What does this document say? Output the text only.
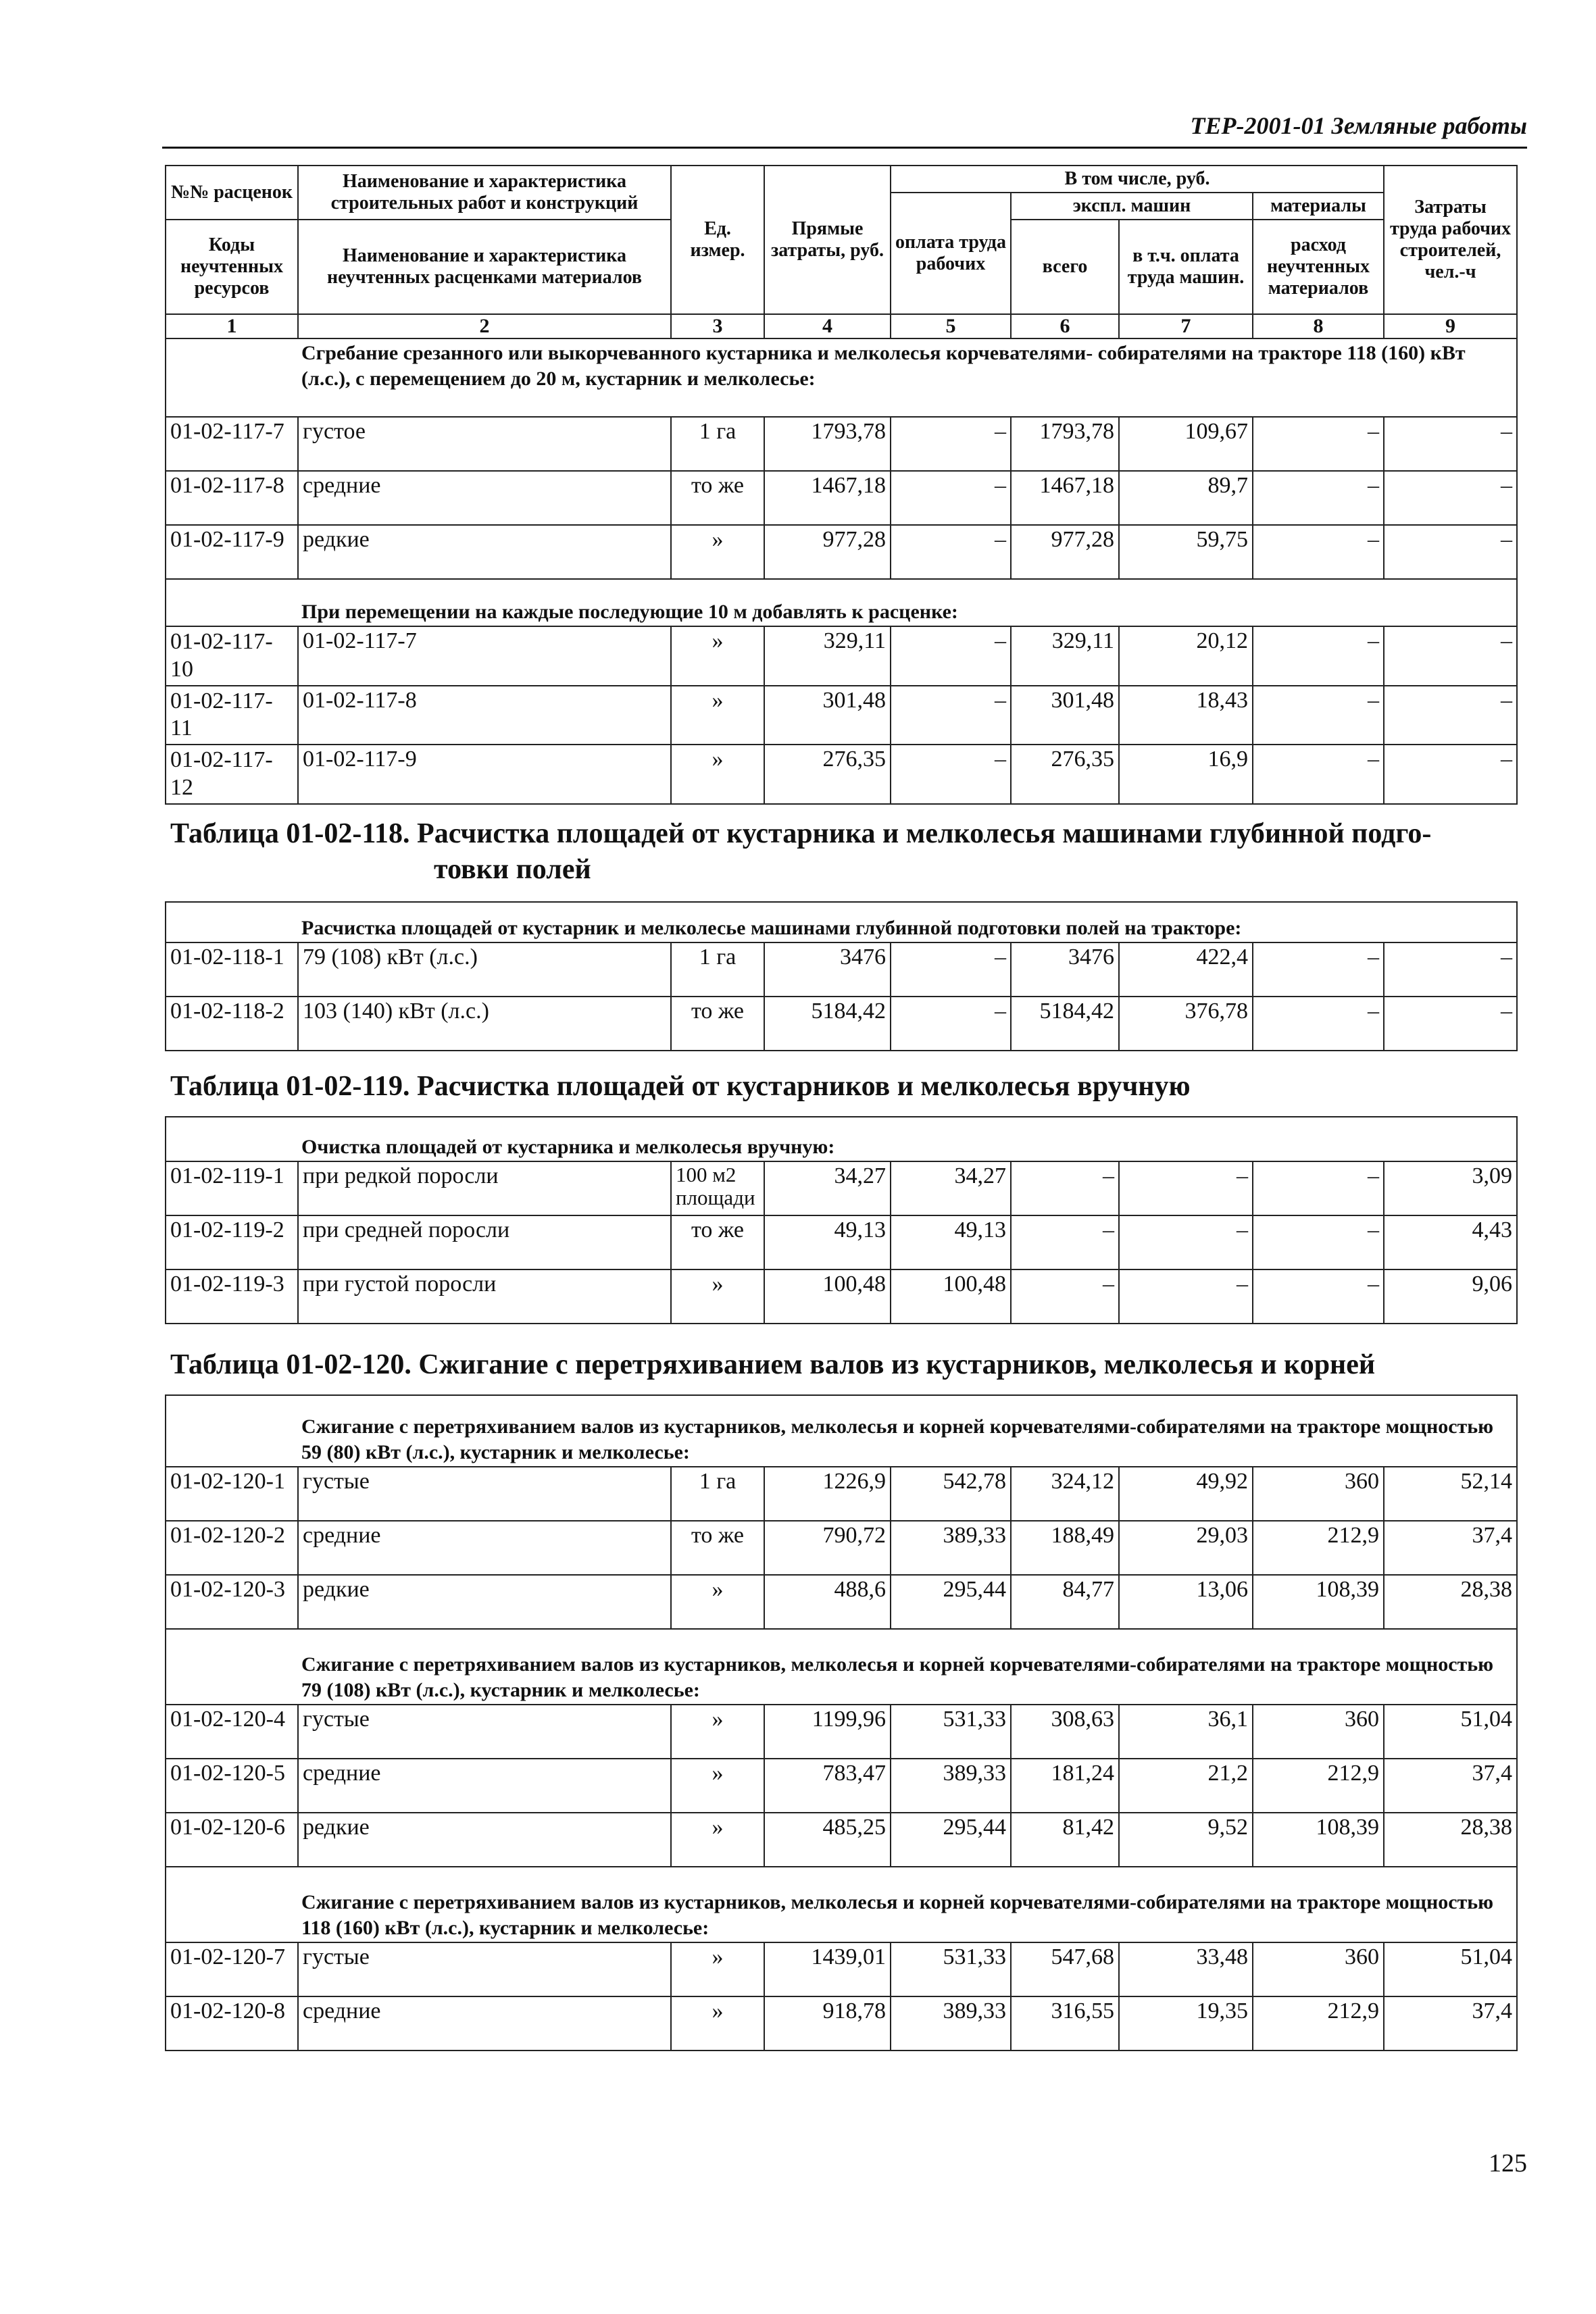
ТЕР-2001-01 Земляные работы
№№ расценок	Наименование и характеристика строительных работ и конструкций	Ед. измер.	Прямые затраты, руб.	В том числе, руб.				Затраты труда рабочих строителей, чел.-ч
				оплата труда рабочих	экспл. машин		материалы	
Коды неучтенных ресурсов	Наименование и характеристика неучтенных расценками материалов				всего	в т.ч. оплата труда машин.	расход неучтенных материалов	

1	2	3	4	5	6	7	8	9
Сгребание срезанного или выкорчеванного кустарника и мелколесья корчевателями- собирателями на тракторе 118 (160) кВт (л.с.), с перемещением до 20 м, кустарник и мелколесье:								
01-02-117-7	густое	1 га	1793,78	–	1793,78	109,67	–	–
01-02-117-8	средние	то же	1467,18	–	1467,18	89,7	–	–
01-02-117-9	редкие	»	977,28	–	977,28	59,75	–	–
При перемещении на каждые последующие 10 м добавлять к расценке:								
01-02-117-10	01-02-117-7	»	329,11	–	329,11	20,12	–	–
01-02-117-11	01-02-117-8	»	301,48	–	301,48	18,43	–	–
01-02-117-12	01-02-117-9	»	276,35	–	276,35	16,9	–	–
Таблица 01-02-118. Расчистка площадей от кустарника и мелколесья машинами глубинной подго-
товки полей
Расчистка площадей от кустарник и мелколесье машинами глубинной подготовки полей на тракторе:								
01-02-118-1	79 (108) кВт (л.с.)	1 га	3476	–	3476	422,4	–	–
01-02-118-2	103 (140) кВт (л.с.)	то же	5184,42	–	5184,42	376,78	–	–
Таблица 01-02-119. Расчистка площадей от кустарников и мелколесья вручную
Очистка площадей от кустарника и мелколесья вручную:								
01-02-119-1	при редкой поросли	100 м2 площади	34,27	34,27	–	–	–	3,09
01-02-119-2	при средней поросли	то же	49,13	49,13	–	–	–	4,43
01-02-119-3	при густой поросли	»	100,48	100,48	–	–	–	9,06
Таблица 01-02-120. Сжигание с перетряхиванием валов из кустарников, мелколесья и корней
Сжигание с перетряхиванием валов из кустарников, мелколесья и корней корчевателями-собирателями на тракторе мощностью 59 (80) кВт (л.с.), кустарник и мелколесье:								
01-02-120-1	густые	1 га	1226,9	542,78	324,12	49,92	360	52,14
01-02-120-2	средние	то же	790,72	389,33	188,49	29,03	212,9	37,4
01-02-120-3	редкие	»	488,6	295,44	84,77	13,06	108,39	28,38
Сжигание с перетряхиванием валов из кустарников, мелколесья и корней корчевателями-собирателями на тракторе мощностью 79 (108) кВт (л.с.), кустарник и мелколесье:								
01-02-120-4	густые	»	1199,96	531,33	308,63	36,1	360	51,04
01-02-120-5	средние	»	783,47	389,33	181,24	21,2	212,9	37,4
01-02-120-6	редкие	»	485,25	295,44	81,42	9,52	108,39	28,38
Сжигание с перетряхиванием валов из кустарников, мелколесья и корней корчевателями-собирателями на тракторе мощностью 118 (160) кВт (л.с.), кустарник и мелколесье:								
01-02-120-7	густые	»	1439,01	531,33	547,68	33,48	360	51,04
01-02-120-8	средние	»	918,78	389,33	316,55	19,35	212,9	37,4
125
